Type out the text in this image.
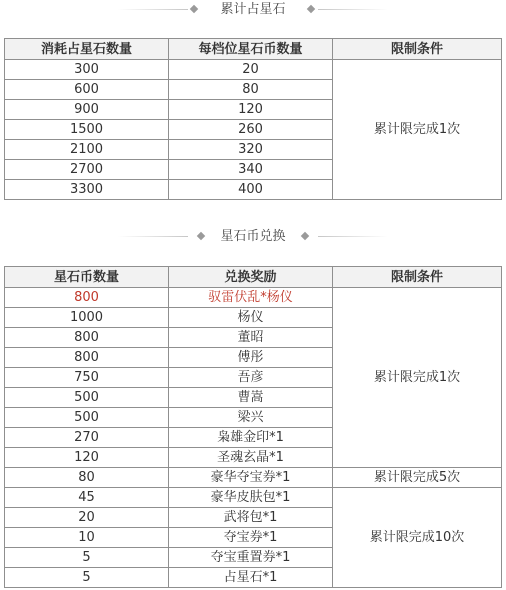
累计占星石
消耗占星石数量	每档位星石币数量	限制条件
300	20	累计限完成1次
600	80	
900	120	
1500	260	
2100	320	
2700	340	
3300	400	
星石币兑换
星石币数量	兑换奖励	限制条件
800	驭雷伏乱*杨仪	累计限完成1次
1000	杨仪	
800	董昭	
800	傅彤	
750	吾彦	
500	曹嵩	
500	梁兴	
270	枭雄金印*1	
120	圣魂玄晶*1	
80	豪华夺宝券*1	累计限完成5次
45	豪华皮肤包*1	累计限完成10次
20	武将包*1	
10	夺宝券*1	
5	夺宝重置券*1	
5	占星石*1	
